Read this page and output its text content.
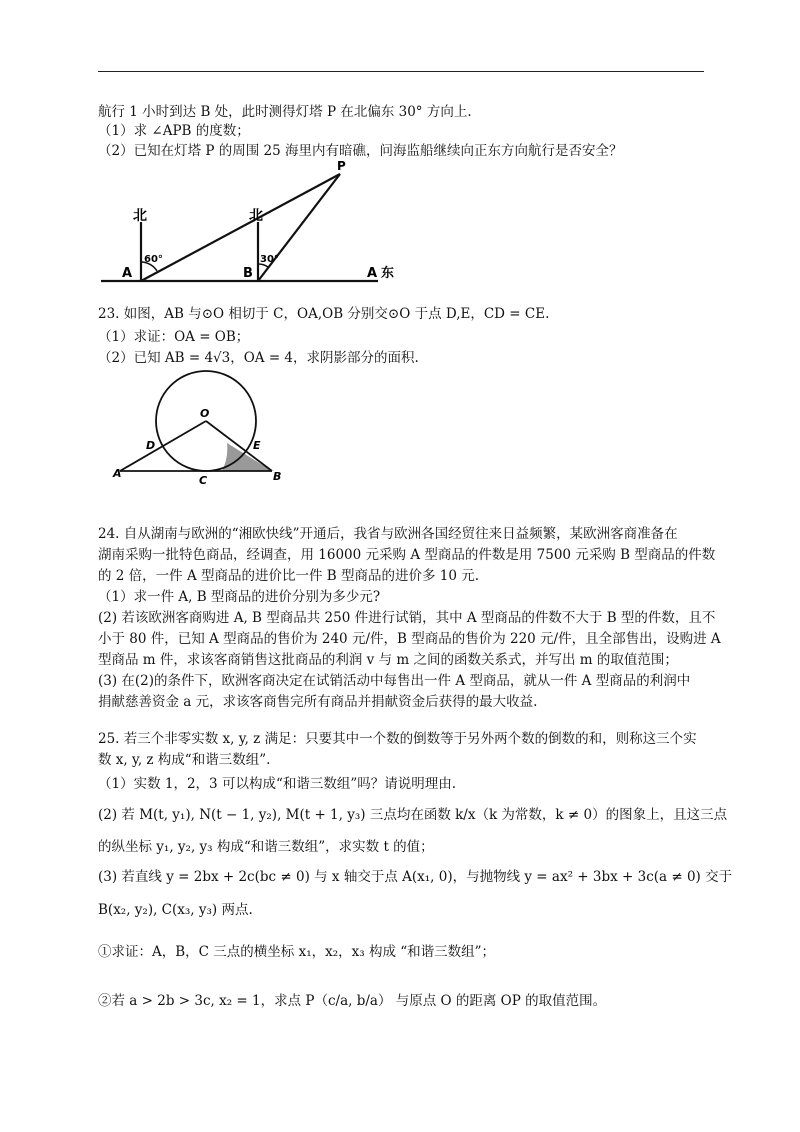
航行 1 小时到达 B 处，此时测得灯塔 P 在北偏东 30° 方向上.
（1）求 ∠APB 的度数；
（2）已知在灯塔 P 的周围 25 海里内有暗礁，问海监船继续向正东方向航行是否安全？
北	北
60°	30°
A	B
P
A 东
23. 如图，AB 与⊙O 相切于 C，OA,OB 分别交⊙O 于点 D,E，CD = CE.
（1）求证：OA = OB；
（2）已知 AB = 4√3，OA = 4，求阴影部分的面积.
O
D	E
A	B
C
24. 自从湖南与欧洲的“湘欧快线”开通后，我省与欧洲各国经贸往来日益频繁，某欧洲客商准备在
湖南采购一批特色商品，经调查，用 16000 元采购 A 型商品的件数是用 7500 元采购 B 型商品的件数
的 2 倍，一件 A 型商品的进价比一件 B 型商品的进价多 10 元.
（1）求一件 A, B 型商品的进价分别为多少元?
(2) 若该欧洲客商购进 A, B 型商品共 250 件进行试销，其中 A 型商品的件数不大于 B 型的件数，且不
小于 80 件，已知 A 型商品的售价为 240 元/件，B 型商品的售价为 220 元/件，且全部售出，设购进 A
型商品 m 件，求该客商销售这批商品的利润 v 与 m 之间的函数关系式，并写出 m 的取值范围；
(3) 在(2)的条件下，欧洲客商决定在试销活动中每售出一件 A 型商品，就从一件 A 型商品的利润中
捐献慈善资金 a 元，求该客商售完所有商品并捐献资金后获得的最大收益.
25. 若三个非零实数 x, y, z 满足：只要其中一个数的倒数等于另外两个数的倒数的和，则称这三个实
数 x, y, z 构成“和谐三数组”.
（1）实数 1，2，3 可以构成“和谐三数组”吗？请说明理由.
(2) 若 M(t, y₁), N(t − 1, y₂), M(t + 1, y₃) 三点均在函数 k/x（k 为常数，k ≠ 0）的图象上，且这三点
的纵坐标 y₁, y₂, y₃ 构成“和谐三数组”，求实数 t 的值；
(3) 若直线 y = 2bx + 2c(bc ≠ 0) 与 x 轴交于点 A(x₁, 0)，与抛物线 y = ax² + 3bx + 3c(a ≠ 0) 交于
B(x₂, y₂), C(x₃, y₃) 两点.
①求证：A，B，C 三点的横坐标 x₁，x₂，x₃ 构成 “和谐三数组”；
②若 a > 2b > 3c, x₂ = 1，求点 P（c/a, b/a） 与原点 O 的距离 OP 的取值范围。
